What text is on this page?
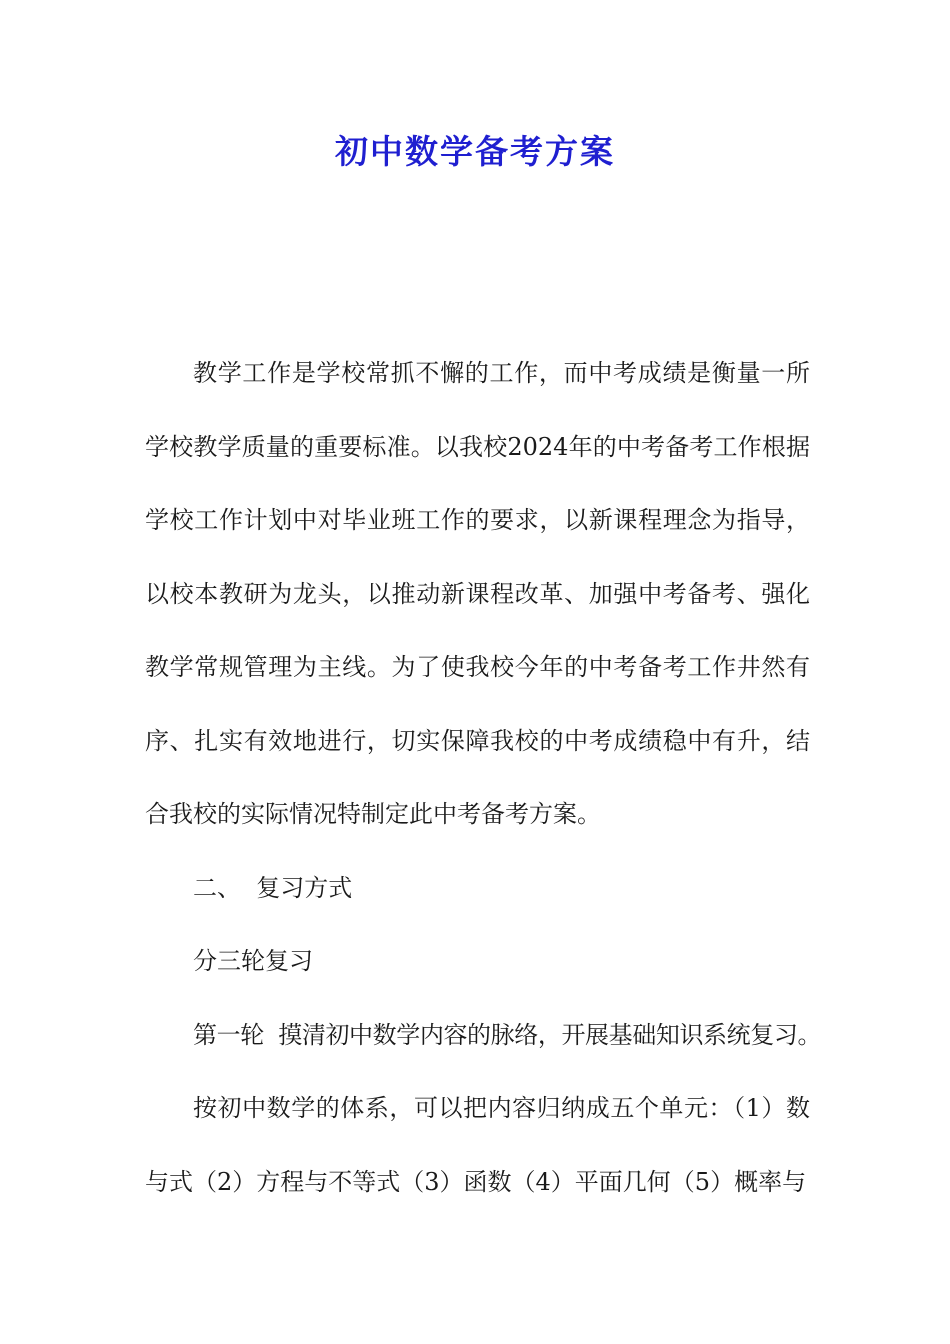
初中数学备考方案

教学工作是学校常抓不懈的工作，而中考成绩是衡量一所学校教学质量的重要标准。以我校2024年的中考备考工作根据学校工作计划中对毕业班工作的要求，以新课程理念为指导，以校本教研为龙头，以推动新课程改革、加强中考备考、强化教学常规管理为主线。为了使我校今年的中考备考工作井然有序、扎实有效地进行，切实保障我校的中考成绩稳中有升，结合我校的实际情况特制定此中考备考方案。

二、  复习方式

分三轮复习

第一轮  摸清初中数学内容的脉络，开展基础知识系统复习。

按初中数学的体系，可以把内容归纳成五个单元：（1）数与式（2）方程与不等式（3）函数（4）平面几何（5）概率与
